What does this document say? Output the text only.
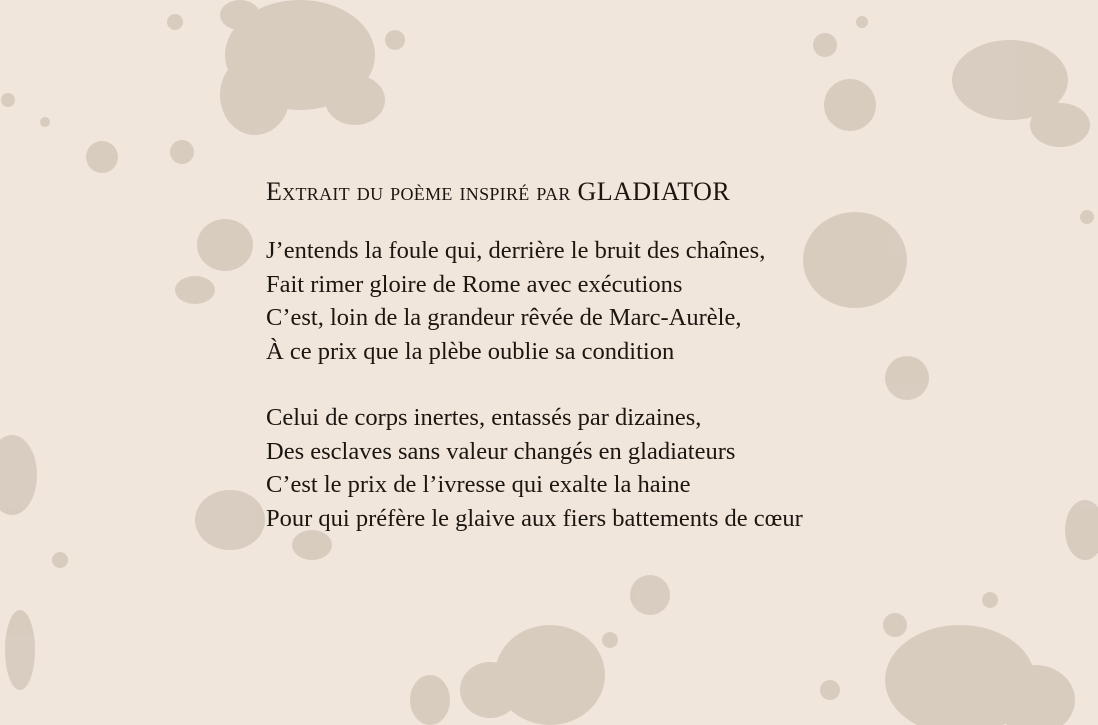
Extrait du poème inspiré par GLADIATOR
J’entends la foule qui, derrière le bruit des chaînes,
Fait rimer gloire de Rome avec exécutions
C’est, loin de la grandeur rêvée de Marc-Aurèle,
À ce prix que la plèbe oublie sa condition
Celui de corps inertes, entassés par dizaines,
Des esclaves sans valeur changés en gladiateurs
C’est le prix de l’ivresse qui exalte la haine
Pour qui préfère le glaive aux fiers battements de cœur
